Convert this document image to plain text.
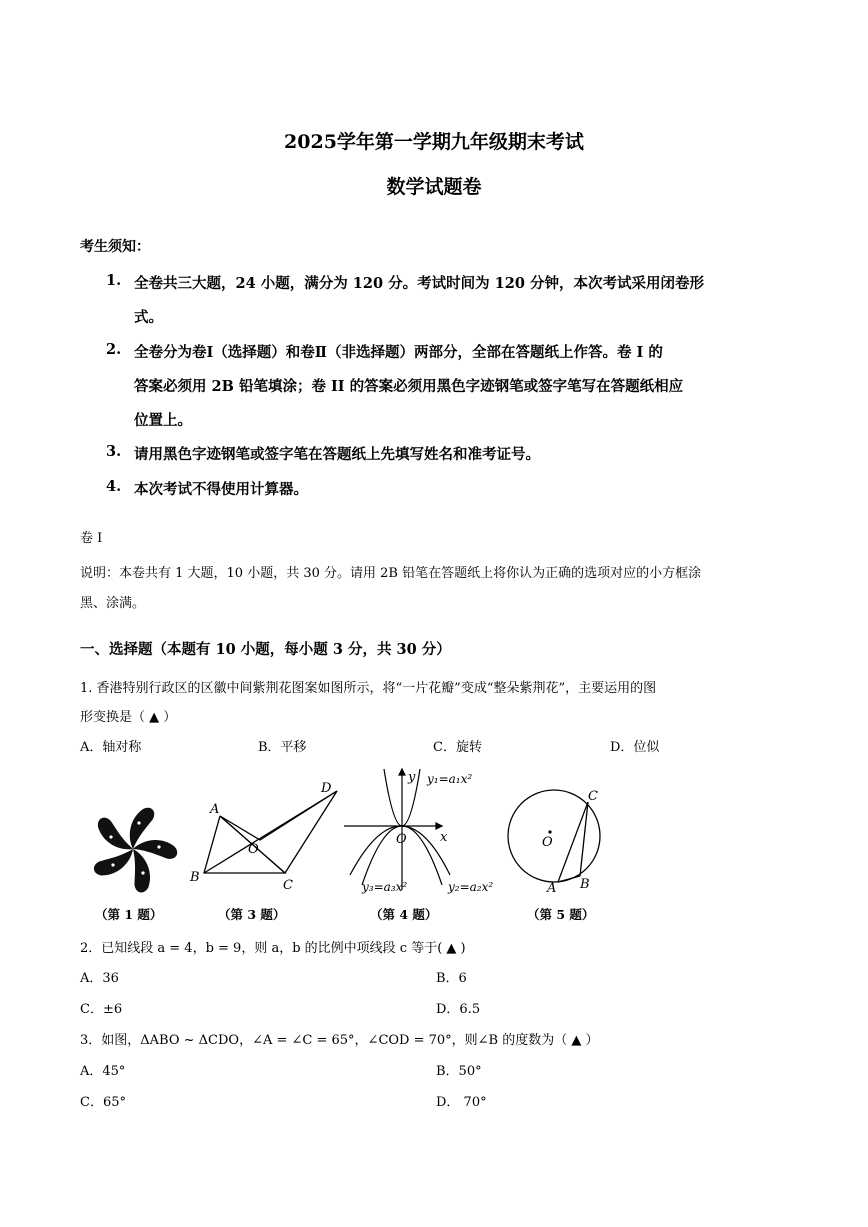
2025学年第一学期九年级期末考试
数学试题卷
考生须知：
1. 全卷共三大题，24 小题，满分为 120 分。考试时间为 120 分钟，本次考试采用闭卷形
式。
2. 全卷分为卷Ⅰ（选择题）和卷Ⅱ（非选择题）两部分，全部在答题纸上作答。卷 I 的
答案必须用 2B 铅笔填涂；卷 II 的答案必须用黑色字迹钢笔或签字笔写在答题纸相应
位置上。
3. 请用黑色字迹钢笔或签字笔在答题纸上先填写姓名和准考证号。
4. 本次考试不得使用计算器。
卷 Ⅰ
说明：本卷共有 1 大题，10 小题，共 30 分。请用 2B 铅笔在答题纸上将你认为正确的选项对应的小方框涂
黑、涂满。
一、选择题（本题有 10 小题，每小题 3 分，共 30 分）
1. 香港特别行政区的区徽中间紫荆花图案如图所示，将“一片花瓣”变成“整朵紫荆花”，主要运用的图
形变换是（ ▲ ）
A．轴对称	B．平移	C．旋转	D．位似
（第 1 题）
A
B
C
D
O
（第 3 题）
y
x
O
y₁=a₁x²
y₂=a₂x²
y₃=a₃x²
（第 4 题）
O
C
A B
（第 5 题）
2．已知线段 a = 4，b = 9，则 a，b 的比例中项线段 c 等于( ▲ )
A．36	B．6
C．±6	D．6.5
3．如图，ΔABO ~ ΔCDO，∠A = ∠C = 65°，∠COD = 70°，则∠B 的度数为（ ▲ ）
A．45°	B．50°
C．65°	D． 70°
